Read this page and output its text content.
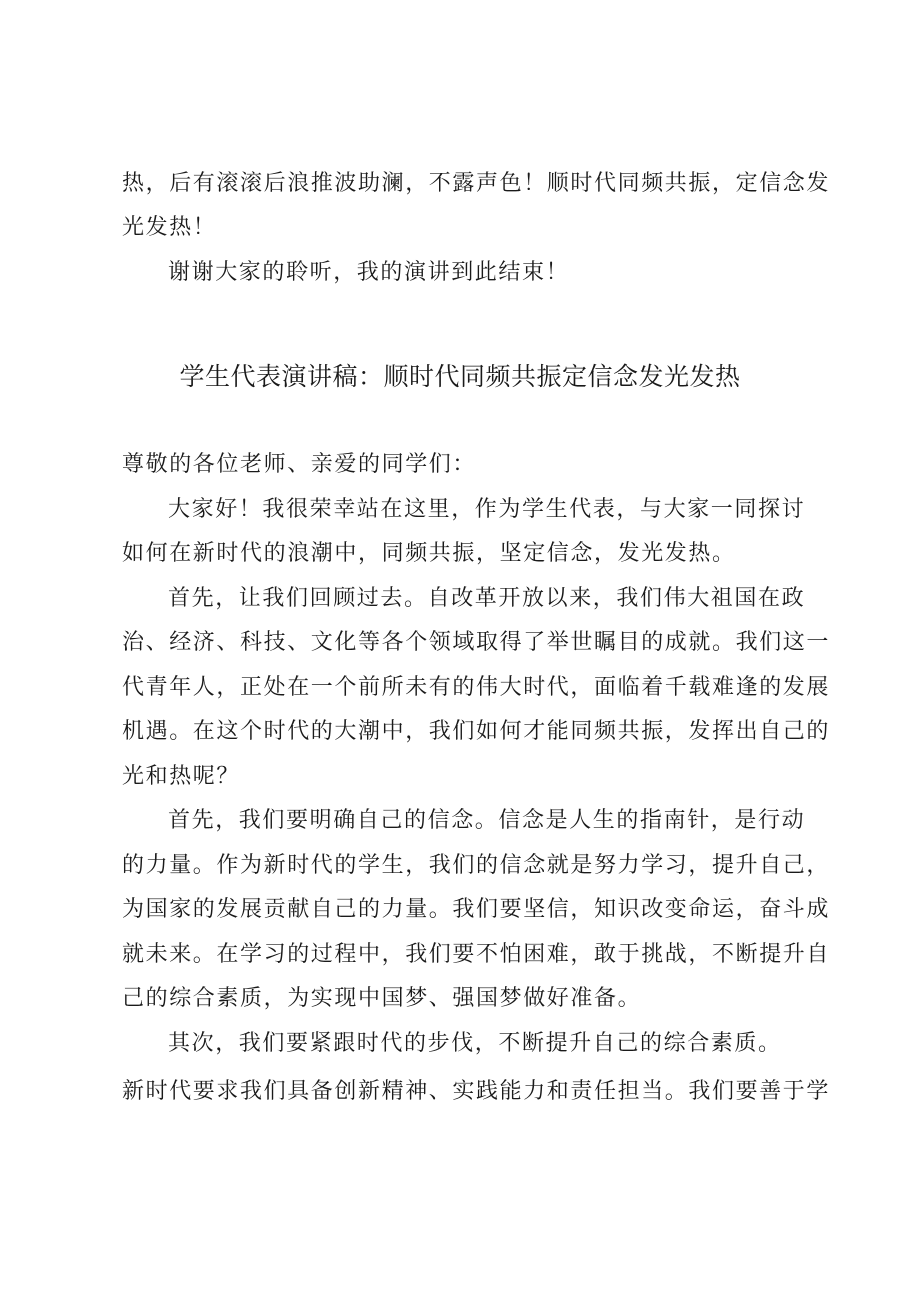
热，后有滚滚后浪推波助澜，不露声色！顺时代同频共振，定信念发
光发热！
谢谢大家的聆听，我的演讲到此结束！
学生代表演讲稿：顺时代同频共振定信念发光发热
尊敬的各位老师、亲爱的同学们：
大家好！我很荣幸站在这里，作为学生代表，与大家一同探讨
如何在新时代的浪潮中，同频共振，坚定信念，发光发热。
首先，让我们回顾过去。自改革开放以来，我们伟大祖国在政
治、经济、科技、文化等各个领域取得了举世瞩目的成就。我们这一
代青年人，正处在一个前所未有的伟大时代，面临着千载难逢的发展
机遇。在这个时代的大潮中，我们如何才能同频共振，发挥出自己的
光和热呢？
首先，我们要明确自己的信念。信念是人生的指南针，是行动
的力量。作为新时代的学生，我们的信念就是努力学习，提升自己，
为国家的发展贡献自己的力量。我们要坚信，知识改变命运，奋斗成
就未来。在学习的过程中，我们要不怕困难，敢于挑战，不断提升自
己的综合素质，为实现中国梦、强国梦做好准备。
其次，我们要紧跟时代的步伐，不断提升自己的综合素质。
新时代要求我们具备创新精神、实践能力和责任担当。我们要善于学
